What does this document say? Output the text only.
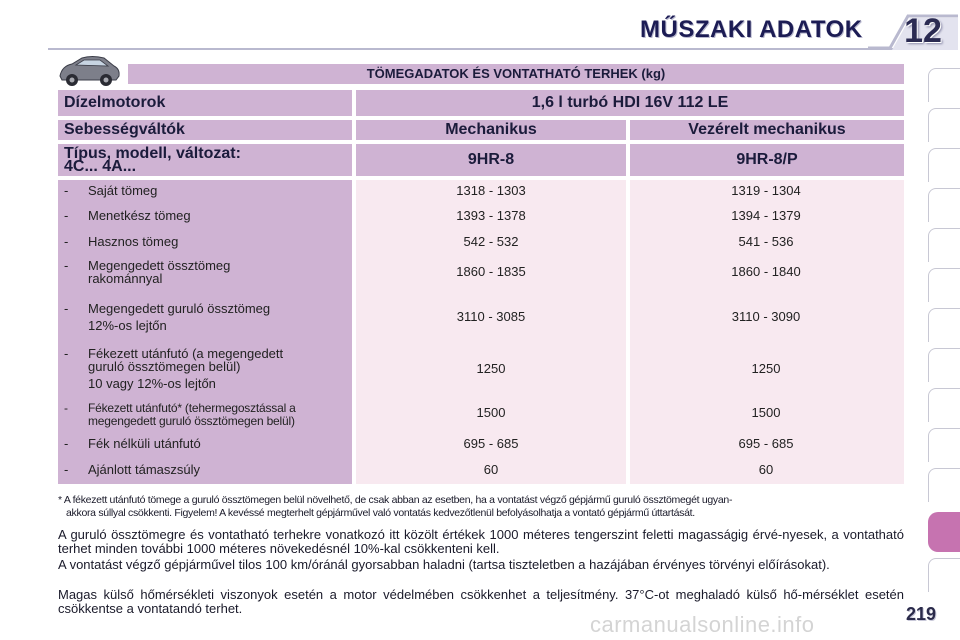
MŰSZAKI ADATOK 12
TÖMEGADATOK ÉS VONTATHATÓ TERHEK (kg)
Dízelmotorok	1,6 l turbó HDI 16V 112 LE
Sebességváltók	Mechanikus	Vezérelt mechanikus
Típus, modell, változat:
4C... 4A...	9HR-8	9HR-8/P
- Saját tömeg	1318 - 1303	1319 - 1304
- Menetkész tömeg	1393 - 1378	1394 - 1379
- Hasznos tömeg	542 - 532	541 - 536
- Megengedett össztömeg
rakománnyal	1860 - 1835	1860 - 1840
- Megengedett guruló össztömeg
12%-os lejtőn
3110 - 3085	3110 - 3090
- Fékezett utánfutó (a megengedett
guruló össztömegen belül)
10 vagy 12%-os lejtőn
1250	1250
- Fékezett utánfutó* (tehermegosztással a
megengedett guruló össztömegen belül)
1500	1500
- Fék nélküli utánfutó	695 - 685	695 - 685
- Ajánlott támaszsúly	60	60
* A fékezett utánfutó tömege a guruló össztömegen belül növelhető, de csak abban az esetben, ha a vontatást végző gépjármű guruló össztömegét ugyan-
akkora súllyal csökkenti. Figyelem! A kevéssé megterhelt gépjárművel való vontatás kedvezőtlenül befolyásolhatja a vontató gépjármű úttartását.
A guruló össztömegre és vontatható terhekre vonatkozó itt közölt értékek 1000 méteres tengerszint feletti magasságig érvé-nyesek, a vontatható terhet minden további 1000 méteres növekedésnél 10%-kal csökkenteni kell.
A vontatást végző gépjárművel tilos 100 km/óránál gyorsabban haladni (tartsa tiszteletben a hazájában érvényes törvényi előírásokat).
Magas külső hőmérsékleti viszonyok esetén a motor védelmében csökkenhet a teljesítmény. 37°C-ot meghaladó külső hő-mérséklet esetén csökkentse a vontatandó terhet.	219
carmanualsonline.info
